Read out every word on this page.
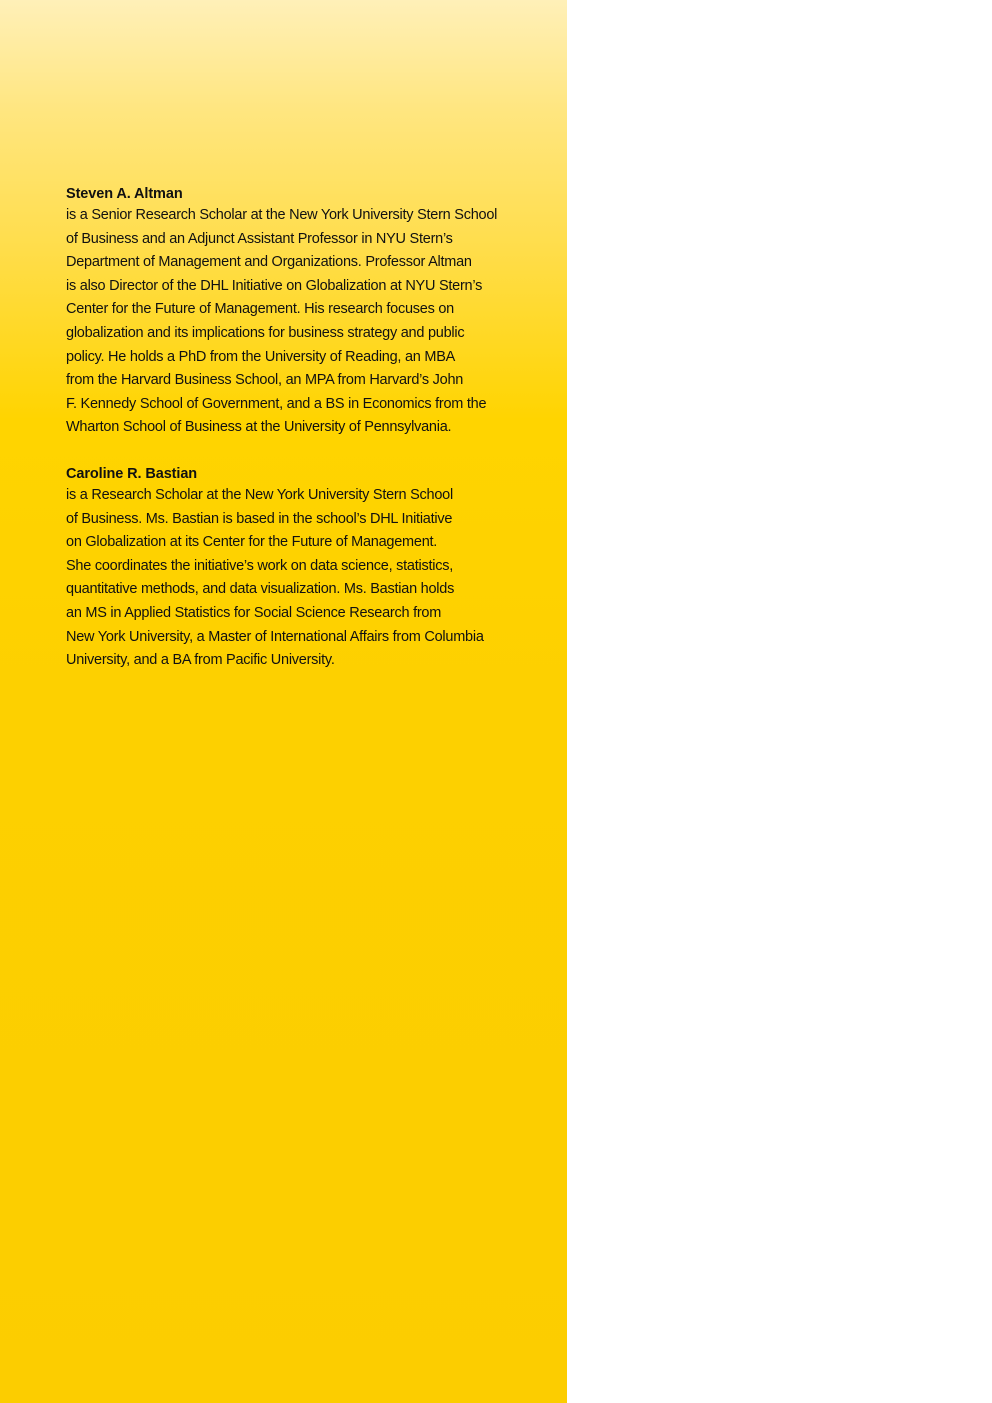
Steven A. Altman
is a Senior Research Scholar at the New York University Stern School
of Business and an Adjunct Assistant Professor in NYU Stern’s
Department of Management and Organizations. Professor Altman
is also Director of the DHL Initiative on Globalization at NYU Stern’s
Center for the Future of Management. His research focuses on
globalization and its implications for business strategy and public
policy. He holds a PhD from the University of Reading, an MBA
from the Harvard Business School, an MPA from Harvard’s John
F. Kennedy School of Government, and a BS in Economics from the
Wharton School of Business at the University of Pennsylvania.
Caroline R. Bastian
is a Research Scholar at the New York University Stern School
of Business. Ms. Bastian is based in the school’s DHL Initiative
on Globalization at its Center for the Future of Management.
She coordinates the initiative’s work on data science, statistics,
quantitative methods, and data visualization. Ms. Bastian holds
an MS in Applied Statistics for Social Science Research from
New York University, a Master of International Affairs from Columbia
University, and a BA from Pacific University.
